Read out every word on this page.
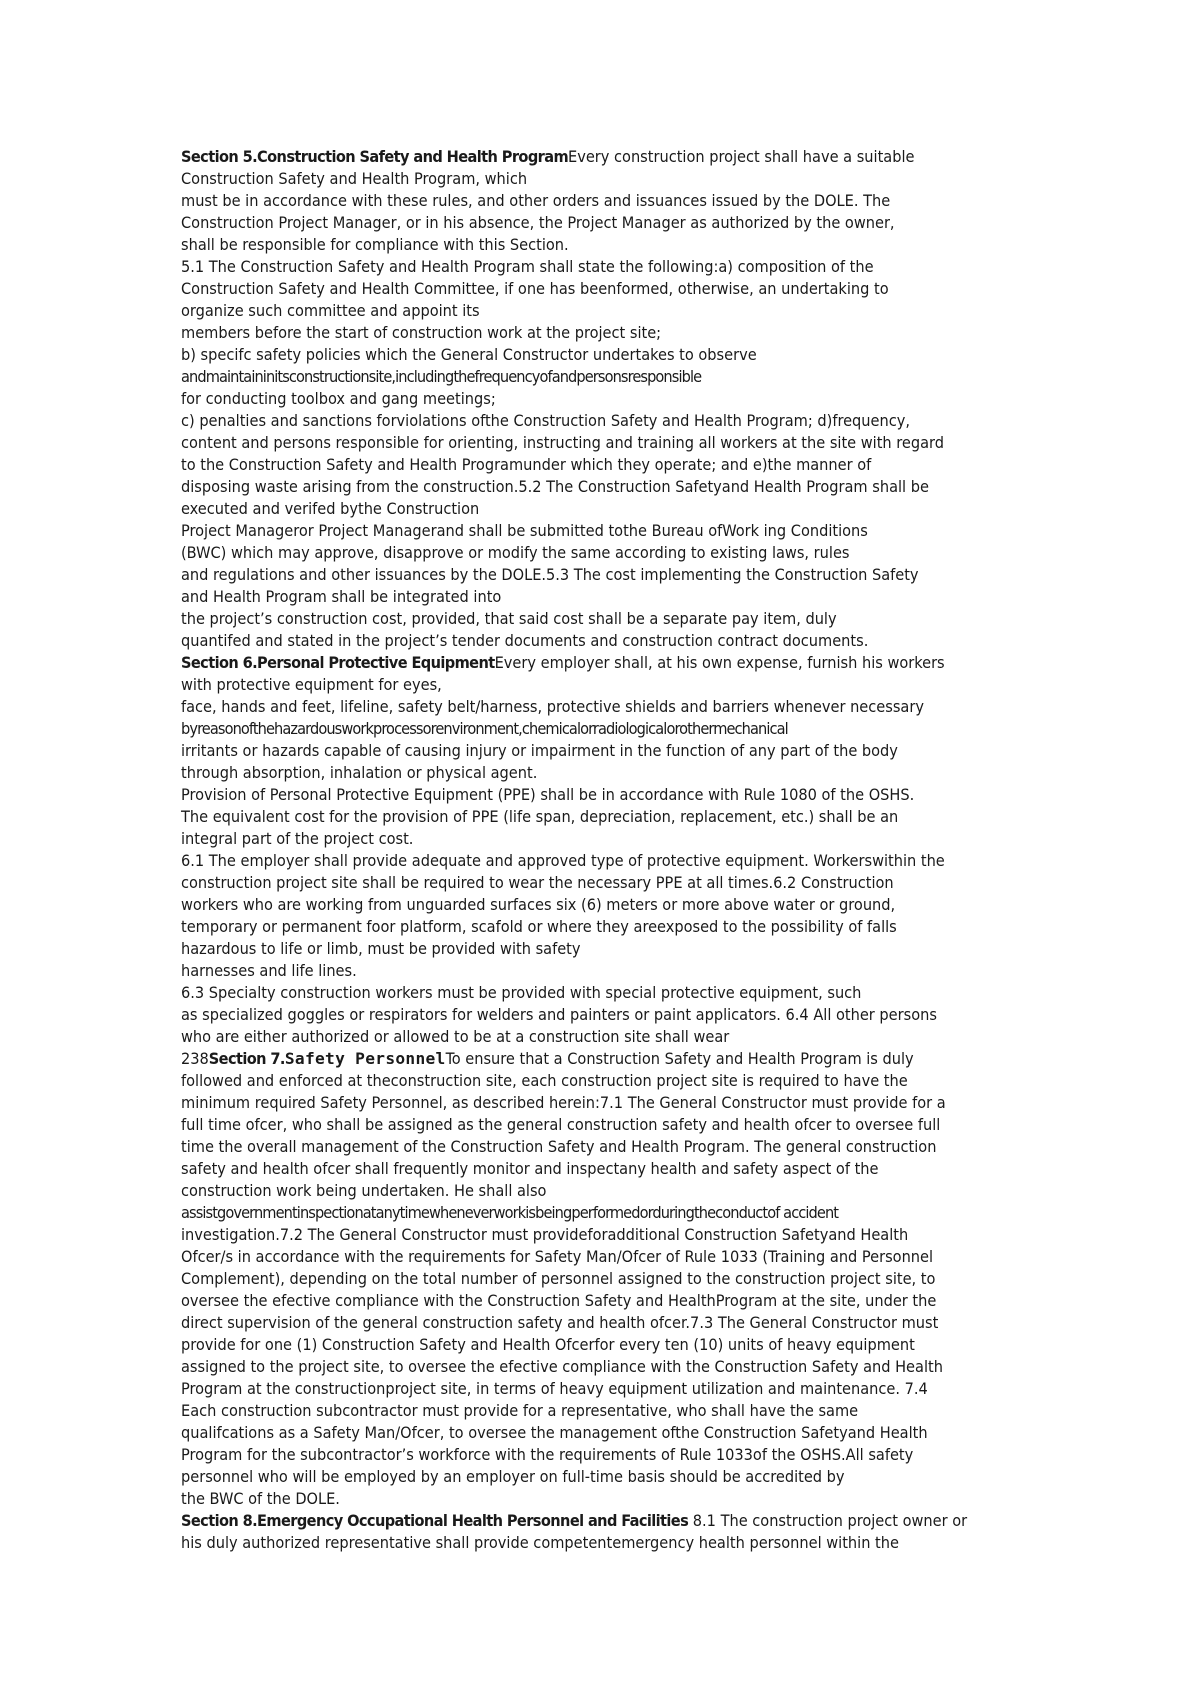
Section 5.Construction Safety and Health ProgramEvery construction project shall have a suitable
Construction Safety and Health Program, which
must be in accordance with these rules, and other orders and issuances issued by the DOLE. The
Construction Project Manager, or in his absence, the Project Manager as authorized by the owner,
shall be responsible for compliance with this Section.
5.1 The Construction Safety and Health Program shall state the following:a) composition of the
Construction Safety and Health Committee, if one has beenformed, otherwise, an undertaking to
organize such committee and appoint its
members before the start of construction work at the project site;
b) specifc safety policies which the General Constructor undertakes to observe
andmaintaininitsconstructionsite,includingthefrequencyofandpersonsresponsible
for conducting toolbox and gang meetings;
c) penalties and sanctions forviolations ofthe Construction Safety and Health Program; d)frequency,
content and persons responsible for orienting, instructing and training all workers at the site with regard
to the Construction Safety and Health Programunder which they operate; and e)the manner of
disposing waste arising from the construction.5.2 The Construction Safetyand Health Program shall be
executed and verifed bythe Construction
Project Manageror Project Managerand shall be submitted tothe Bureau ofWork ing Conditions
(BWC) which may approve, disapprove or modify the same according to existing laws, rules
and regulations and other issuances by the DOLE.5.3 The cost implementing the Construction Safety
and Health Program shall be integrated into
the project’s construction cost, provided, that said cost shall be a separate pay item, duly
quantifed and stated in the project’s tender documents and construction contract documents.
Section 6.Personal Protective EquipmentEvery employer shall, at his own expense, furnish his workers
with protective equipment for eyes,
face, hands and feet, lifeline, safety belt/harness, protective shields and barriers whenever necessary
byreasonofthehazardousworkprocessorenvironment,chemicalorradiologicalorothermechanical
irritants or hazards capable of causing injury or impairment in the function of any part of the body
through absorption, inhalation or physical agent.
Provision of Personal Protective Equipment (PPE) shall be in accordance with Rule 1080 of the OSHS.
The equivalent cost for the provision of PPE (life span, depreciation, replacement, etc.) shall be an
integral part of the project cost.
6.1 The employer shall provide adequate and approved type of protective equipment. Workerswithin the
construction project site shall be required to wear the necessary PPE at all times.6.2 Construction
workers who are working from unguarded surfaces six (6) meters or more above water or ground,
temporary or permanent foor platform, scafold or where they areexposed to the possibility of falls
hazardous to life or limb, must be provided with safety
harnesses and life lines.
6.3 Specialty construction workers must be provided with special protective equipment, such
as specialized goggles or respirators for welders and painters or paint applicators. 6.4 All other persons
who are either authorized or allowed to be at a construction site shall wear
238Section 7.Safety PersonnelTo ensure that a Construction Safety and Health Program is duly
followed and enforced at theconstruction site, each construction project site is required to have the
minimum required Safety Personnel, as described herein:7.1 The General Constructor must provide for a
full time ofcer, who shall be assigned as the general construction safety and health ofcer to oversee full
time the overall management of the Construction Safety and Health Program. The general construction
safety and health ofcer shall frequently monitor and inspectany health and safety aspect of the
construction work being undertaken. He shall also
assistgovernmentinspectionatanytimewheneverworkisbeingperformedorduringtheconductof accident
investigation.7.2 The General Constructor must provideforadditional Construction Safetyand Health
Ofcer/s in accordance with the requirements for Safety Man/Ofcer of Rule 1033 (Training and Personnel
Complement), depending on the total number of personnel assigned to the construction project site, to
oversee the efective compliance with the Construction Safety and HealthProgram at the site, under the
direct supervision of the general construction safety and health ofcer.7.3 The General Constructor must
provide for one (1) Construction Safety and Health Ofcerfor every ten (10) units of heavy equipment
assigned to the project site, to oversee the efective compliance with the Construction Safety and Health
Program at the constructionproject site, in terms of heavy equipment utilization and maintenance. 7.4
Each construction subcontractor must provide for a representative, who shall have the same
qualifcations as a Safety Man/Ofcer, to oversee the management ofthe Construction Safetyand Health
Program for the subcontractor’s workforce with the requirements of Rule 1033of the OSHS.All safety
personnel who will be employed by an employer on full-time basis should be accredited by
the BWC of the DOLE.
Section 8.Emergency Occupational Health Personnel and Facilities 8.1 The construction project owner or
his duly authorized representative shall provide competentemergency health personnel within the
